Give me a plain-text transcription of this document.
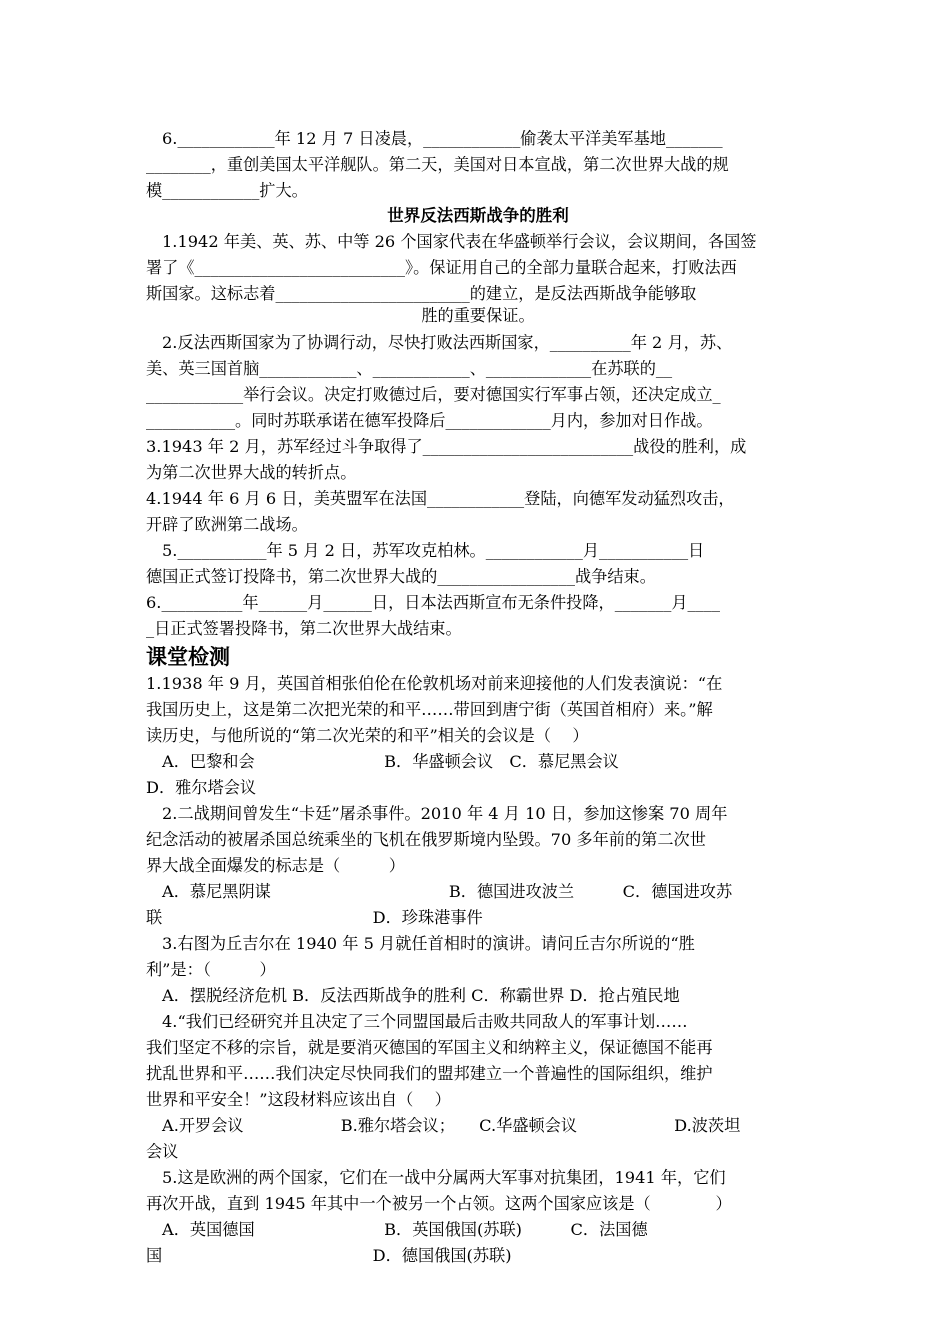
6.____________年 12 月 7 日凌晨，____________偷袭太平洋美军基地_______
________，重创美国太平洋舰队。第二天，美国对日本宣战，第二次世界大战的规
模____________扩大。
世界反法西斯战争的胜利
1.1942 年美、英、苏、中等 26 个国家代表在华盛顿举行会议，会议期间，各国签
署了《__________________________》。保证用自己的全部力量联合起来，打败法西
斯国家。这标志着________________________的建立，是反法西斯战争能够取
胜的重要保证。
2.反法西斯国家为了协调行动，尽快打败法西斯国家，__________年 2 月，苏、
美、英三国首脑____________、____________、_____________在苏联的__
____________举行会议。决定打败德过后，要对德国实行军事占领，还决定成立_
___________。同时苏联承诺在德军投降后_____________月内，参加对日作战。
3.1943 年 2 月，苏军经过斗争取得了__________________________战役的胜利，成
为第二次世界大战的转折点。
4.1944 年 6 月 6 日，美英盟军在法国____________登陆，向德军发动猛烈攻击，
开辟了欧洲第二战场。
5.___________年 5 月 2 日，苏军攻克柏林。____________月___________日
德国正式签订投降书，第二次世界大战的_________________战争结束。
6.__________年______月______日，日本法西斯宣布无条件投降，_______月____
_日正式签署投降书，第二次世界大战结束。
课堂检测
1.1938 年 9 月，英国首相张伯伦在伦敦机场对前来迎接他的人们发表演说：“在
我国历史上，这是第二次把光荣的和平……带回到唐宁街（英国首相府）来。”解
读历史，与他所说的“第二次光荣的和平”相关的会议是（　 ）
A．巴黎和会　　　　　　　　B．华盛顿会议　C．慕尼黑会议
D．雅尔塔会议
2.二战期间曾发生“卡廷”屠杀事件。2010 年 4 月 10 日，参加这惨案 70 周年
纪念活动的被屠杀国总统乘坐的飞机在俄罗斯境内坠毁。70 多年前的第二次世
界大战全面爆发的标志是（　　　）
A．慕尼黑阴谋　　　　　　　　　　　B．德国进攻波兰　　　C．德国进攻苏
联　　　　　　　　　　　　　D．珍珠港事件
3.右图为丘吉尔在 1940 年 5 月就任首相时的演讲。请问丘吉尔所说的“胜
利”是：（　　　）
A．摆脱经济危机 B．反法西斯战争的胜利 C．称霸世界 D．抢占殖民地
4.“我们已经研究并且决定了三个同盟国最后击败共同敌人的军事计划……
我们坚定不移的宗旨，就是要消灭德国的军国主义和纳粹主义，保证德国不能再
扰乱世界和平……我们决定尽快同我们的盟邦建立一个普遍性的国际组织，维护
世界和平安全！”这段材料应该出自（　 ）
A.开罗会议　　　　　　B.雅尔塔会议；　　C.华盛顿会议　　　　　　D.波茨坦
会议
5.这是欧洲的两个国家，它们在一战中分属两大军事对抗集团，1941 年，它们
再次开战，直到 1945 年其中一个被另一个占领。这两个国家应该是（　　　　）
A．英国德国　　　　　　　　B．英国俄国(苏联)　　　C．法国德
国　　　　　　　　　　　　　D．德国俄国(苏联)
